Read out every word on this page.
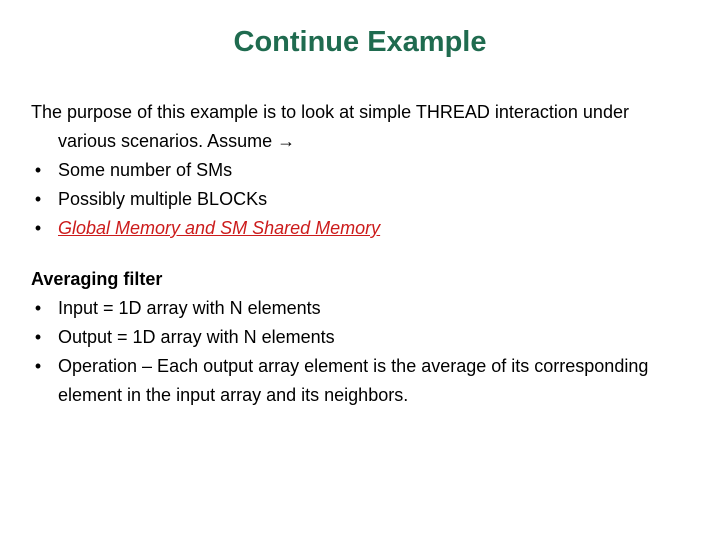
Continue Example
The purpose of this example is to look at simple THREAD interaction under various scenarios. Assume →
• Some number of SMs
• Possibly multiple BLOCKs
• Global Memory and SM Shared Memory
Averaging filter
• Input = 1D array with N elements
• Output = 1D array with N elements
• Operation – Each output array element is the average of its corresponding element in the input array and its neighbors.
